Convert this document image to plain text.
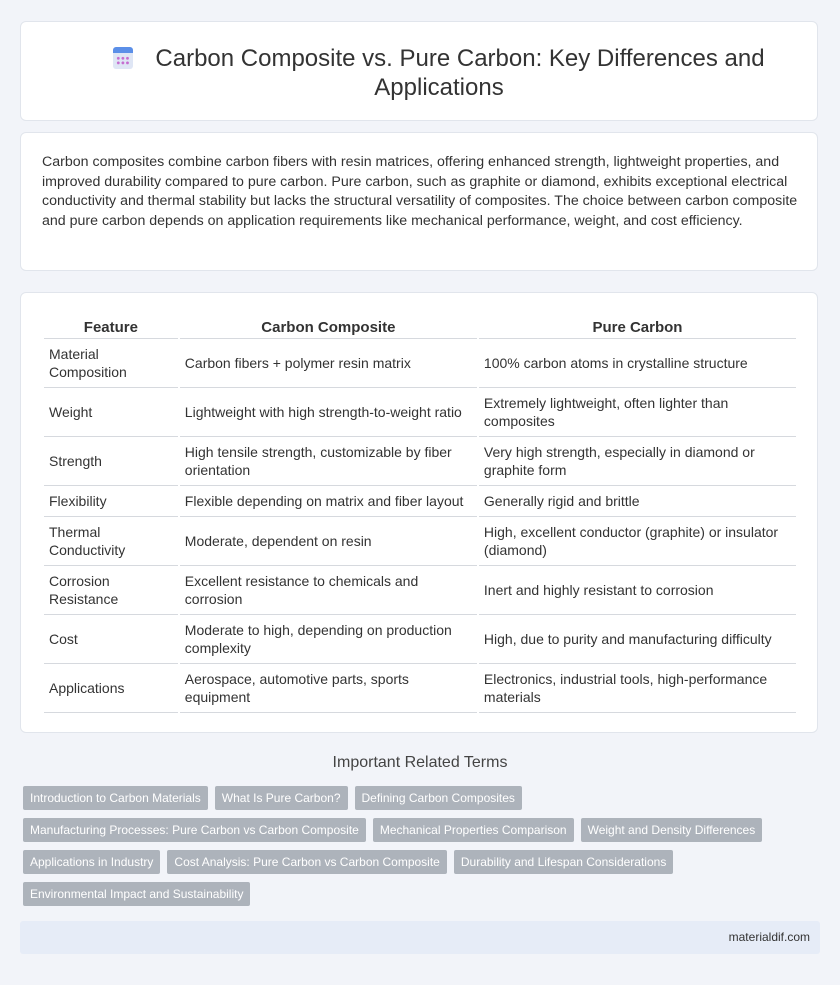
Carbon Composite vs. Pure Carbon: Key Differences and Applications
Carbon composites combine carbon fibers with resin matrices, offering enhanced strength, lightweight properties, and improved durability compared to pure carbon. Pure carbon, such as graphite or diamond, exhibits exceptional electrical conductivity and thermal stability but lacks the structural versatility of composites. The choice between carbon composite and pure carbon depends on application requirements like mechanical performance, weight, and cost efficiency.
Feature	Carbon Composite	Pure Carbon
Material Composition	Carbon fibers + polymer resin matrix	100% carbon atoms in crystalline structure
Weight	Lightweight with high strength-to-weight ratio	Extremely lightweight, often lighter than composites
Strength	High tensile strength, customizable by fiber orientation	Very high strength, especially in diamond or graphite form
Flexibility	Flexible depending on matrix and fiber layout	Generally rigid and brittle
Thermal Conductivity	Moderate, dependent on resin	High, excellent conductor (graphite) or insulator (diamond)
Corrosion Resistance	Excellent resistance to chemicals and corrosion	Inert and highly resistant to corrosion
Cost	Moderate to high, depending on production complexity	High, due to purity and manufacturing difficulty
Applications	Aerospace, automotive parts, sports equipment	Electronics, industrial tools, high-performance materials
Important Related Terms
Introduction to Carbon Materials	What Is Pure Carbon?	Defining Carbon Composites
Manufacturing Processes: Pure Carbon vs Carbon Composite	Mechanical Properties Comparison	Weight and Density Differences
Applications in Industry	Cost Analysis: Pure Carbon vs Carbon Composite	Durability and Lifespan Considerations
Environmental Impact and Sustainability
materialdif.com
